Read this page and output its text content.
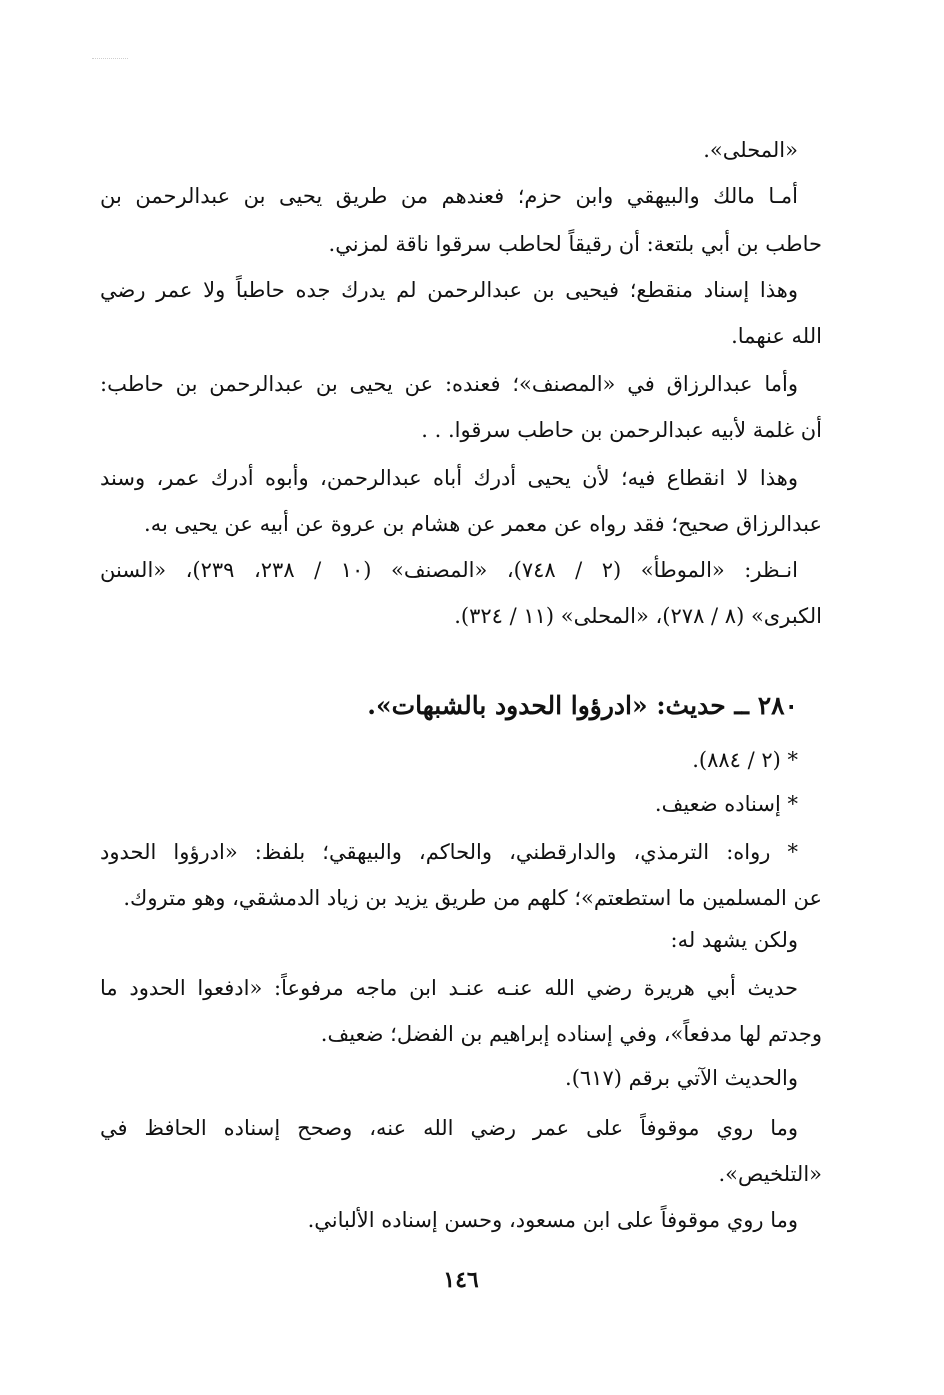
«المحلى».
أمـا مالك والبيهقي وابن حزم؛ فعندهم من طريق يحيى بن عبدالرحمن بن
حاطب بن أبي بلتعة: أن رقيقاً لحاطب سرقوا ناقة لمزني.
وهذا إسناد منقطع؛ فيحيى بن عبدالرحمن لم يدرك جده حاطباً ولا عمر رضي
الله عنهما.
وأما عبدالرزاق في «المصنف»؛ فعنده: عن يحيى بن عبدالرحمن بن حاطب:
أن غلمة لأبيه عبدالرحمن بن حاطب سرقوا. . .
وهذا لا انقطاع فيه؛ لأن يحيى أدرك أباه عبدالرحمن، وأبوه أدرك عمر، وسند
عبدالرزاق صحيح؛ فقد رواه عن معمر عن هشام بن عروة عن أبيه عن يحيى به.
انـظر: «الموطأ» (٢ / ٧٤٨)، «المصنف» (١٠ / ٢٣٨، ٢٣٩)، «السنن
الكبرى» (٨ / ٢٧٨)، «المحلى» (١١ / ٣٢٤).
٢٨٠ ــ حديث: «ادرؤوا الحدود بالشبهات».
* (٢ / ٨٨٤).
* إسناده ضعيف.
* رواه: الترمذي، والدارقطني، والحاكم، والبيهقي؛ بلفظ: «ادرؤوا الحدود
عن المسلمين ما استطعتم»؛ كلهم من طريق يزيد بن زياد الدمشقي، وهو متروك.
ولكن يشهد له:
حديث أبي هريرة رضي الله عنـه عنـد ابن ماجه مرفوعاً: «ادفعوا الحدود ما
وجدتم لها مدفعاً»، وفي إسناده إبراهيم بن الفضل؛ ضعيف.
والحديث الآتي برقم (٦١٧).
وما روي موقوفاً على عمر رضي الله عنه، وصحح إسناده الحافظ في
«التلخيص».
وما روي موقوفاً على ابن مسعود، وحسن إسناده الألباني.
١٤٦
